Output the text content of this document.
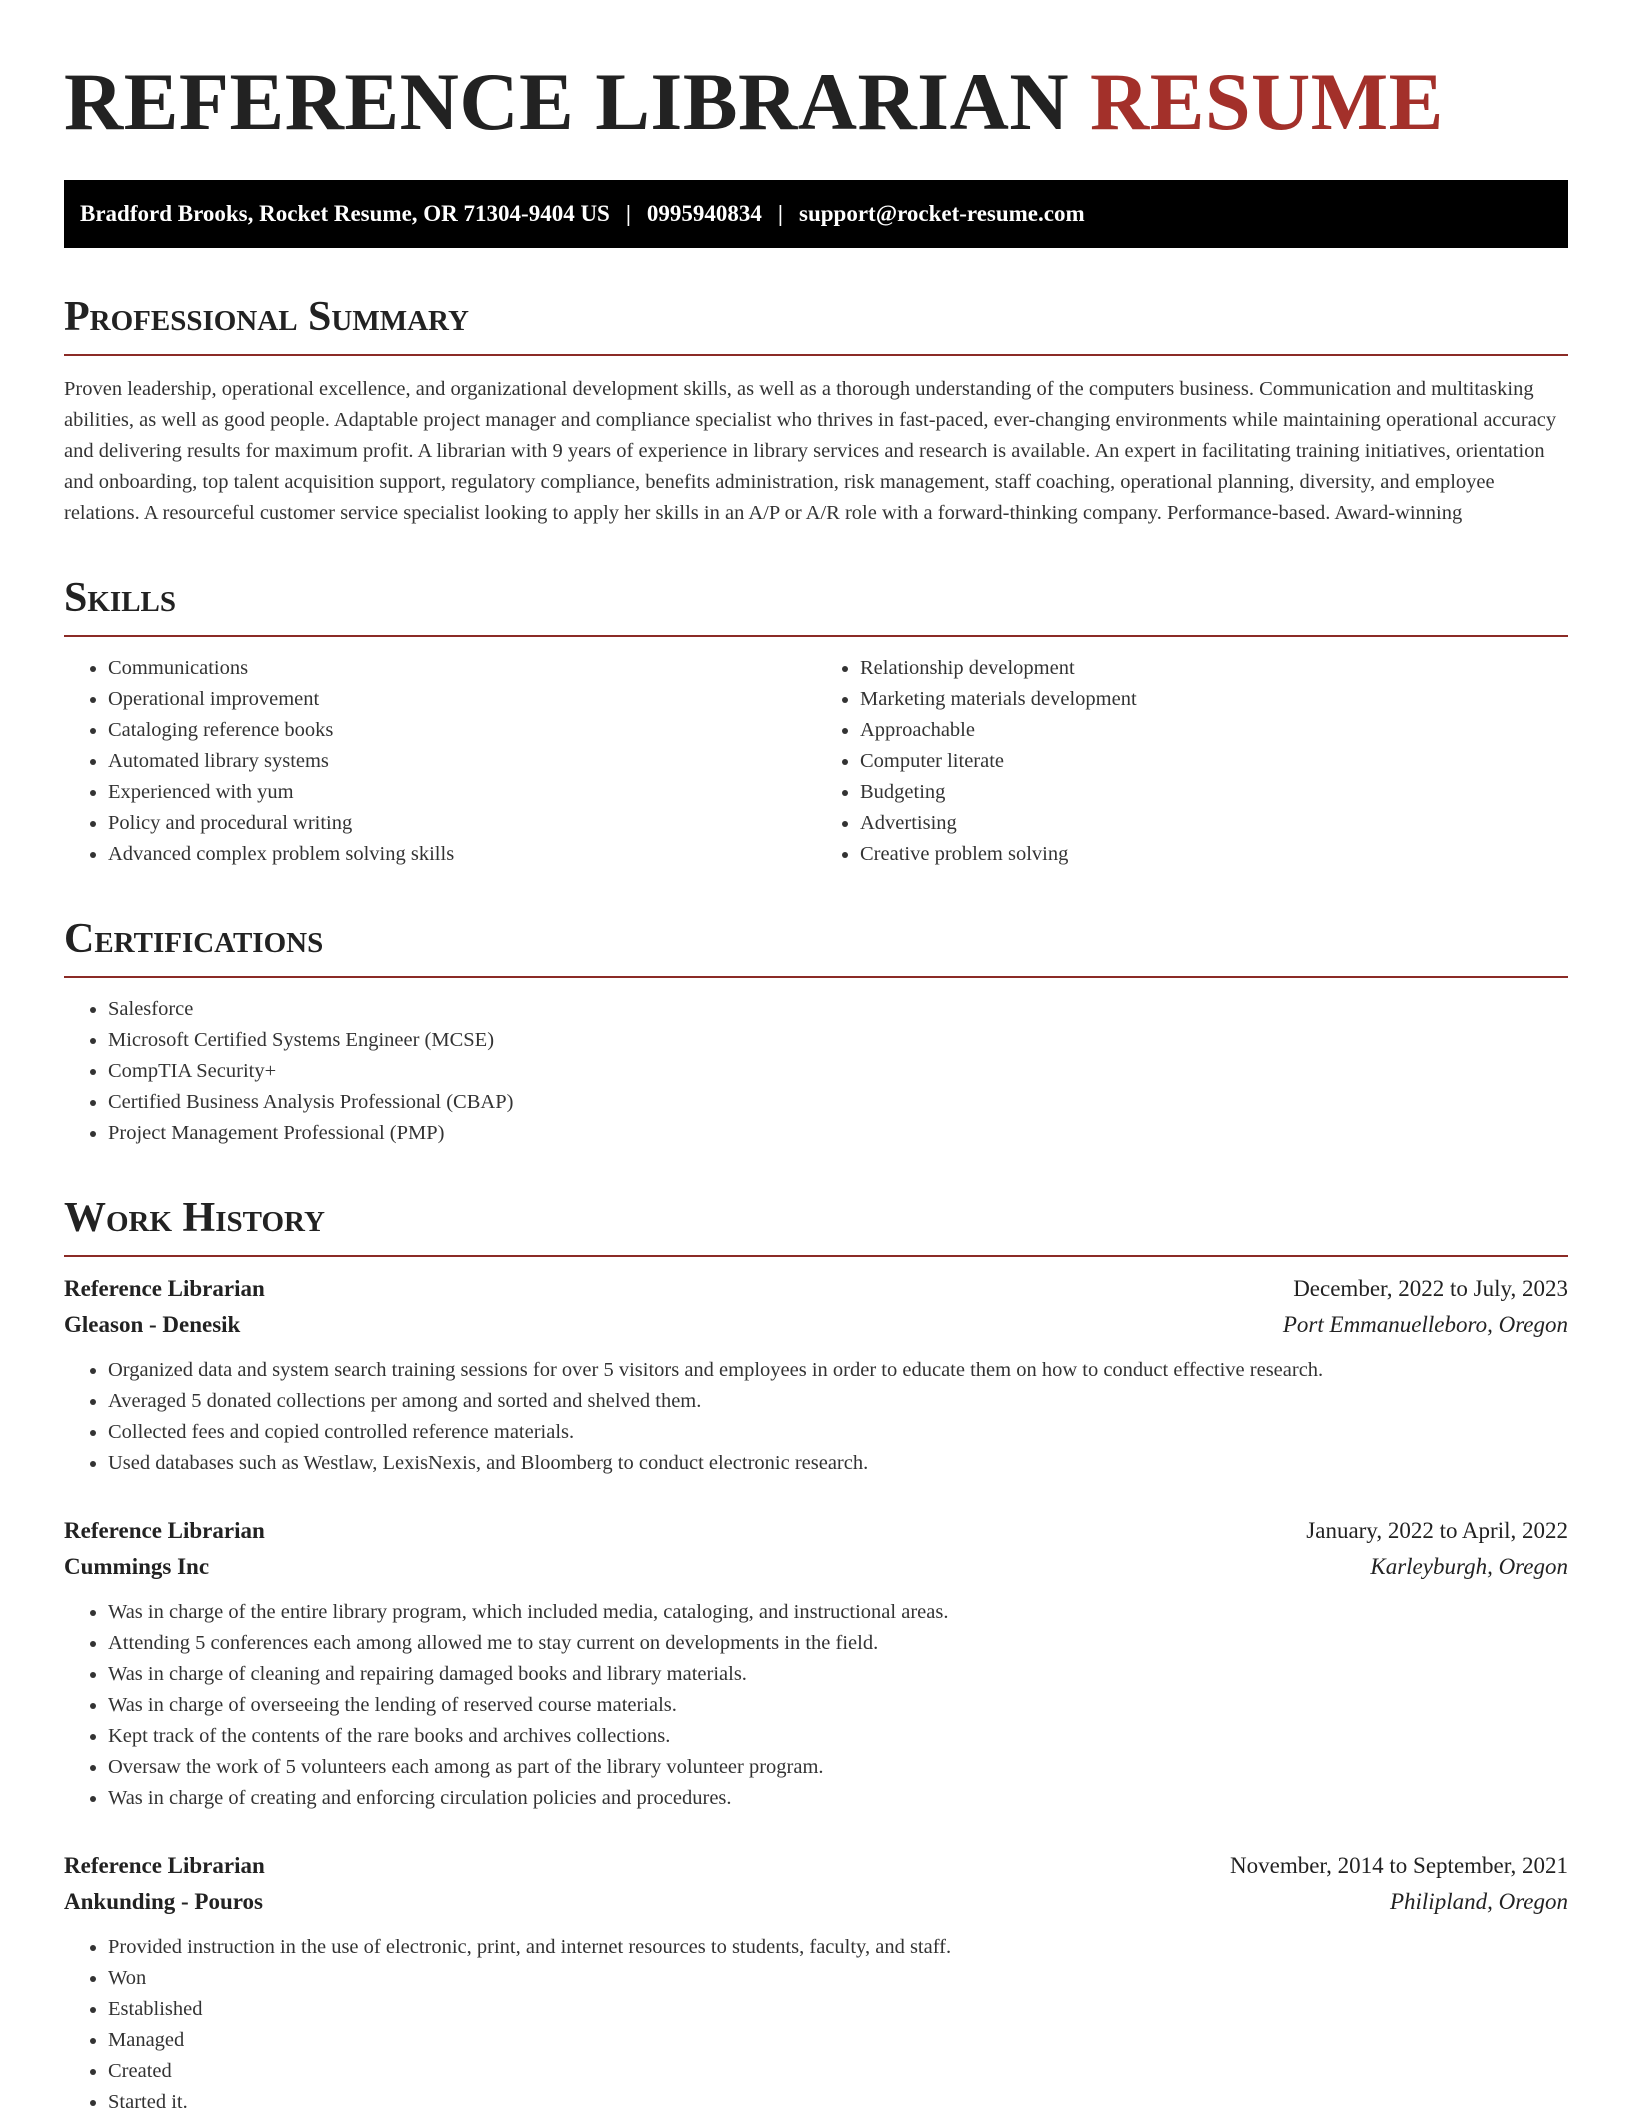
REFERENCE LIBRARIAN RESUME
Bradford Brooks, Rocket Resume, OR 71304-9404 US | 0995940834 | support@rocket-resume.com
Professional Summary

Proven leadership, operational excellence, and organizational development skills, as well as a thorough understanding of the computers business. Communication and multitasking abilities, as well as good people. Adaptable project manager and compliance specialist who thrives in fast-paced, ever-changing environments while maintaining operational accuracy and delivering results for maximum profit. A librarian with 9 years of experience in library services and research is available. An expert in facilitating training initiatives, orientation and onboarding, top talent acquisition support, regulatory compliance, benefits administration, risk management, staff coaching, operational planning, diversity, and employee relations. A resourceful customer service specialist looking to apply her skills in an A/P or A/R role with a forward-thinking company. Performance-based. Award-winning

Skills
• Communications
• Operational improvement
• Cataloging reference books
• Automated library systems
• Experienced with yum
• Policy and procedural writing
• Advanced complex problem solving skills
• Relationship development
• Marketing materials development
• Approachable
• Computer literate
• Budgeting
• Advertising
• Creative problem solving
Certifications
• Salesforce
• Microsoft Certified Systems Engineer (MCSE)
• CompTIA Security+
• Certified Business Analysis Professional (CBAP)
• Project Management Professional (PMP)
Work History
Reference Librarian	December, 2022 to July, 2023
Gleason - Denesik	Port Emmanuelleboro, Oregon
• Organized data and system search training sessions for over 5 visitors and employees in order to educate them on how to conduct effective research.
• Averaged 5 donated collections per among and sorted and shelved them.
• Collected fees and copied controlled reference materials.
• Used databases such as Westlaw, LexisNexis, and Bloomberg to conduct electronic research.
Reference Librarian	January, 2022 to April, 2022
Cummings Inc	Karleyburgh, Oregon
• Was in charge of the entire library program, which included media, cataloging, and instructional areas.
• Attending 5 conferences each among allowed me to stay current on developments in the field.
• Was in charge of cleaning and repairing damaged books and library materials.
• Was in charge of overseeing the lending of reserved course materials.
• Kept track of the contents of the rare books and archives collections.
• Oversaw the work of 5 volunteers each among as part of the library volunteer program.
• Was in charge of creating and enforcing circulation policies and procedures.
Reference Librarian	November, 2014 to September, 2021
Ankunding - Pouros	Philipland, Oregon
• Provided instruction in the use of electronic, print, and internet resources to students, faculty, and staff.
• Won
• Established
• Managed
• Created
• Started it.
